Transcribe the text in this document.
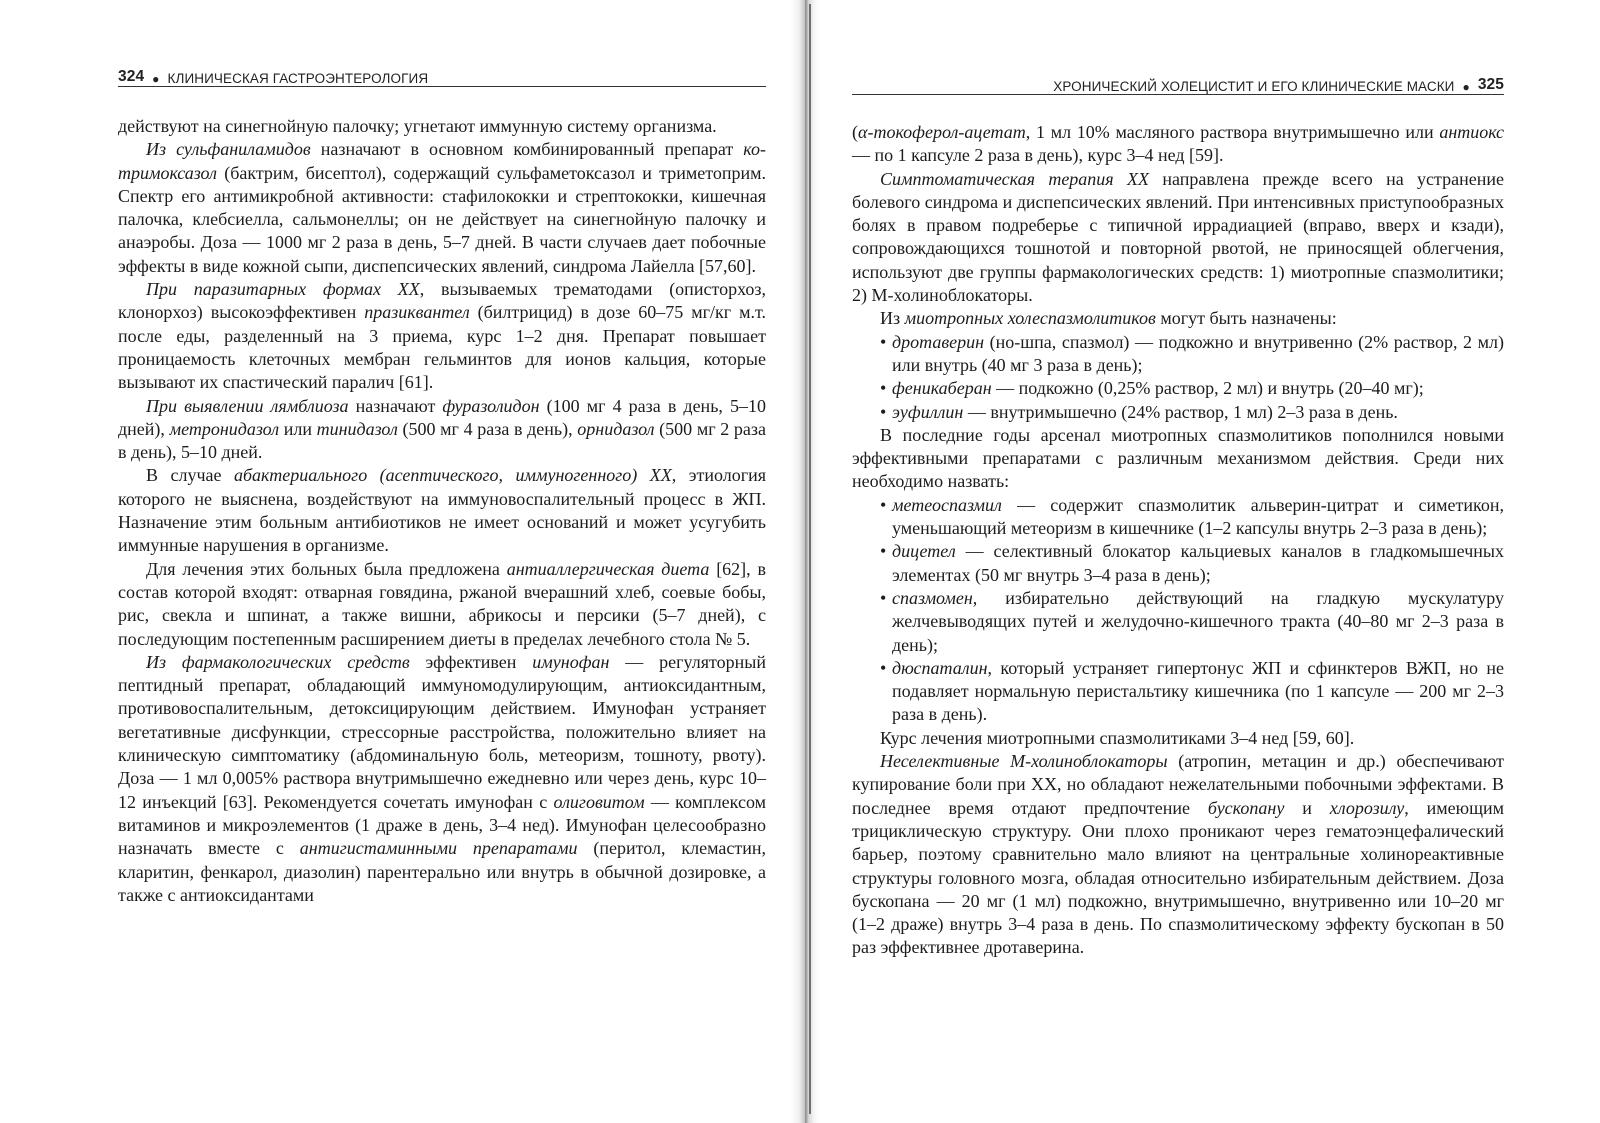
324 ● КЛИНИЧЕСКАЯ ГАСТРОЭНТЕРОЛОГИЯ

действуют на синегнойную палочку; угнетают иммунную систему организма.

Из сульфаниламидов назначают в основном комбинированный препарат ко-тримоксазол (бактрим, бисептол), содержащий сульфаметоксазол и триметоприм. Спектр его антимикробной активности: стафилококки и стрептококки, кишечная палочка, клебсиелла, сальмонеллы; он не действует на синегнойную палочку и анаэробы. Доза — 1000 мг 2 раза в день, 5–7 дней. В части случаев дает побочные эффекты в виде кожной сыпи, диспепсических явлений, синдрома Лайелла [57,60].

При паразитарных формах ХХ, вызываемых трематодами (описторхоз, клонорхоз) высокоэффективен празиквантел (билтрицид) в дозе 60–75 мг/кг м.т. после еды, разделенный на 3 приема, курс 1–2 дня. Препарат повышает проницаемость клеточных мембран гельминтов для ионов кальция, которые вызывают их спастический паралич [61].

При выявлении лямблиоза назначают фуразолидон (100 мг 4 раза в день, 5–10 дней), метронидазол или тинидазол (500 мг 4 раза в день), орнидазол (500 мг 2 раза в день), 5–10 дней.

В случае абактериального (асептического, иммуногенного) ХХ, этиология которого не выяснена, воздействуют на иммуновоспалительный процесс в ЖП. Назначение этим больным антибиотиков не имеет оснований и может усугубить иммунные нарушения в организме.

Для лечения этих больных была предложена антиаллергическая диета [62], в состав которой входят: отварная говядина, ржаной вчерашний хлеб, соевые бобы, рис, свекла и шпинат, а также вишни, абрикосы и персики (5–7 дней), с последующим постепенным расширением диеты в пределах лечебного стола № 5.

Из фармакологических средств эффективен имунофан — регуляторный пептидный препарат, обладающий иммуномодулирующим, антиоксидантным, противовоспалительным, детоксицирующим действием. Имунофан устраняет вегетативные дисфункции, стрессорные расстройства, положительно влияет на клиническую симптоматику (абдоминальную боль, метеоризм, тошноту, рвоту). Доза — 1 мл 0,005% раствора внутримышечно ежедневно или через день, курс 10–12 инъекций [63]. Рекомендуется сочетать имунофан с олиговитом — комплексом витаминов и микроэлементов (1 драже в день, 3–4 нед). Имунофан целесообразно назначать вместе с антигистаминными препаратами (перитол, клемастин, кларитин, фенкарол, диазолин) парентерально или внутрь в обычной дозировке, а также с антиоксидантами

ХРОНИЧЕСКИЙ ХОЛЕЦИСТИТ И ЕГО КЛИНИЧЕСКИЕ МАСКИ ● 325

(α-токоферол-ацетат, 1 мл 10% масляного раствора внутримышечно или антиокс — по 1 капсуле 2 раза в день), курс 3–4 нед [59].

Симптоматическая терапия ХХ направлена прежде всего на устранение болевого синдрома и диспепсических явлений. При интенсивных приступообразных болях в правом подреберье с типичной иррадиацией (вправо, вверх и кзади), сопровождающихся тошнотой и повторной рвотой, не приносящей облегчения, используют две группы фармакологических средств: 1) миотропные спазмолитики; 2) М-холиноблокаторы.

Из миотропных холеспазмолитиков могут быть назначены:

• дротаверин (но-шпа, спазмол) — подкожно и внутривенно (2% раствор, 2 мл) или внутрь (40 мг 3 раза в день);
• феникаберан — подкожно (0,25% раствор, 2 мл) и внутрь (20–40 мг);
• эуфиллин — внутримышечно (24% раствор, 1 мл) 2–3 раза в день.

В последние годы арсенал миотропных спазмолитиков пополнился новыми эффективными препаратами с различным механизмом действия. Среди них необходимо назвать:

• метеоспазмил — содержит спазмолитик альверин-цитрат и симетикон, уменьшающий метеоризм в кишечнике (1–2 капсулы внутрь 2–3 раза в день);
• дицетел — селективный блокатор кальциевых каналов в гладкомышечных элементах (50 мг внутрь 3–4 раза в день);
• спазмомен, избирательно действующий на гладкую мускулатуру желчевыводящих путей и желудочно-кишечного тракта (40–80 мг 2–3 раза в день);
• дюспаталин, который устраняет гипертонус ЖП и сфинктеров ВЖП, но не подавляет нормальную перистальтику кишечника (по 1 капсуле — 200 мг 2–3 раза в день).

Курс лечения миотропными спазмолитиками 3–4 нед [59, 60].

Неселективные М-холиноблокаторы (атропин, метацин и др.) обеспечивают купирование боли при ХХ, но обладают нежелательными побочными эффектами. В последнее время отдают предпочтение бускопану и хлорозилу, имеющим трициклическую структуру. Они плохо проникают через гематоэнцефалический барьер, поэтому сравнительно мало влияют на центральные холинореактивные структуры головного мозга, обладая относительно избирательным действием. Доза бускопана — 20 мг (1 мл) подкожно, внутримышечно, внутривенно или 10–20 мг (1–2 драже) внутрь 3–4 раза в день. По спазмолитическому эффекту бускопан в 50 раз эффективнее дротаверина.
